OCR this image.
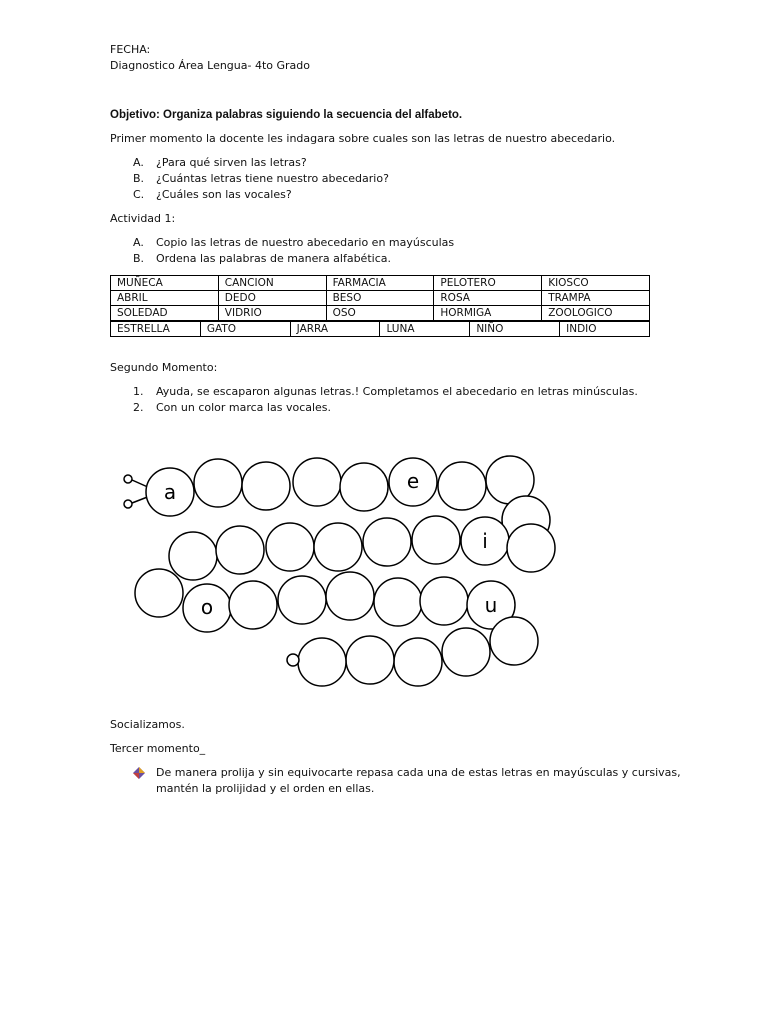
FECHA:
Diagnostico Área Lengua- 4to Grado
Objetivo: Organiza palabras siguiendo la secuencia del alfabeto.
Primer momento la docente les indagara sobre cuales son las letras de nuestro abecedario.
A. ¿Para qué sirven las letras?
B. ¿Cuántas letras tiene nuestro abecedario?
C. ¿Cuáles son las vocales?
Actividad 1:
A. Copio las letras de nuestro abecedario en mayúsculas
B. Ordena las palabras de manera alfabética.
MUÑECA	CANCION	FARMACIA	PELOTERO	KIOSCO
ABRIL	DEDO	BESO	ROSA	TRAMPA
SOLEDAD	VIDRIO	OSO	HORMIGA	ZOOLOGICO
ESTRELLA	GATO	JARRA	LUNA	NIÑO	INDIO
Segundo Momento:
1. Ayuda, se escaparon algunas letras.! Completamos el abecedario en letras minúsculas.
2. Con un color marca las vocales.
a	e
i
o	u
Socializamos.
Tercer momento_
De manera prolija y sin equivocarte repasa cada una de estas letras en mayúsculas y cursivas,
mantén la prolijidad y el orden en ellas.
